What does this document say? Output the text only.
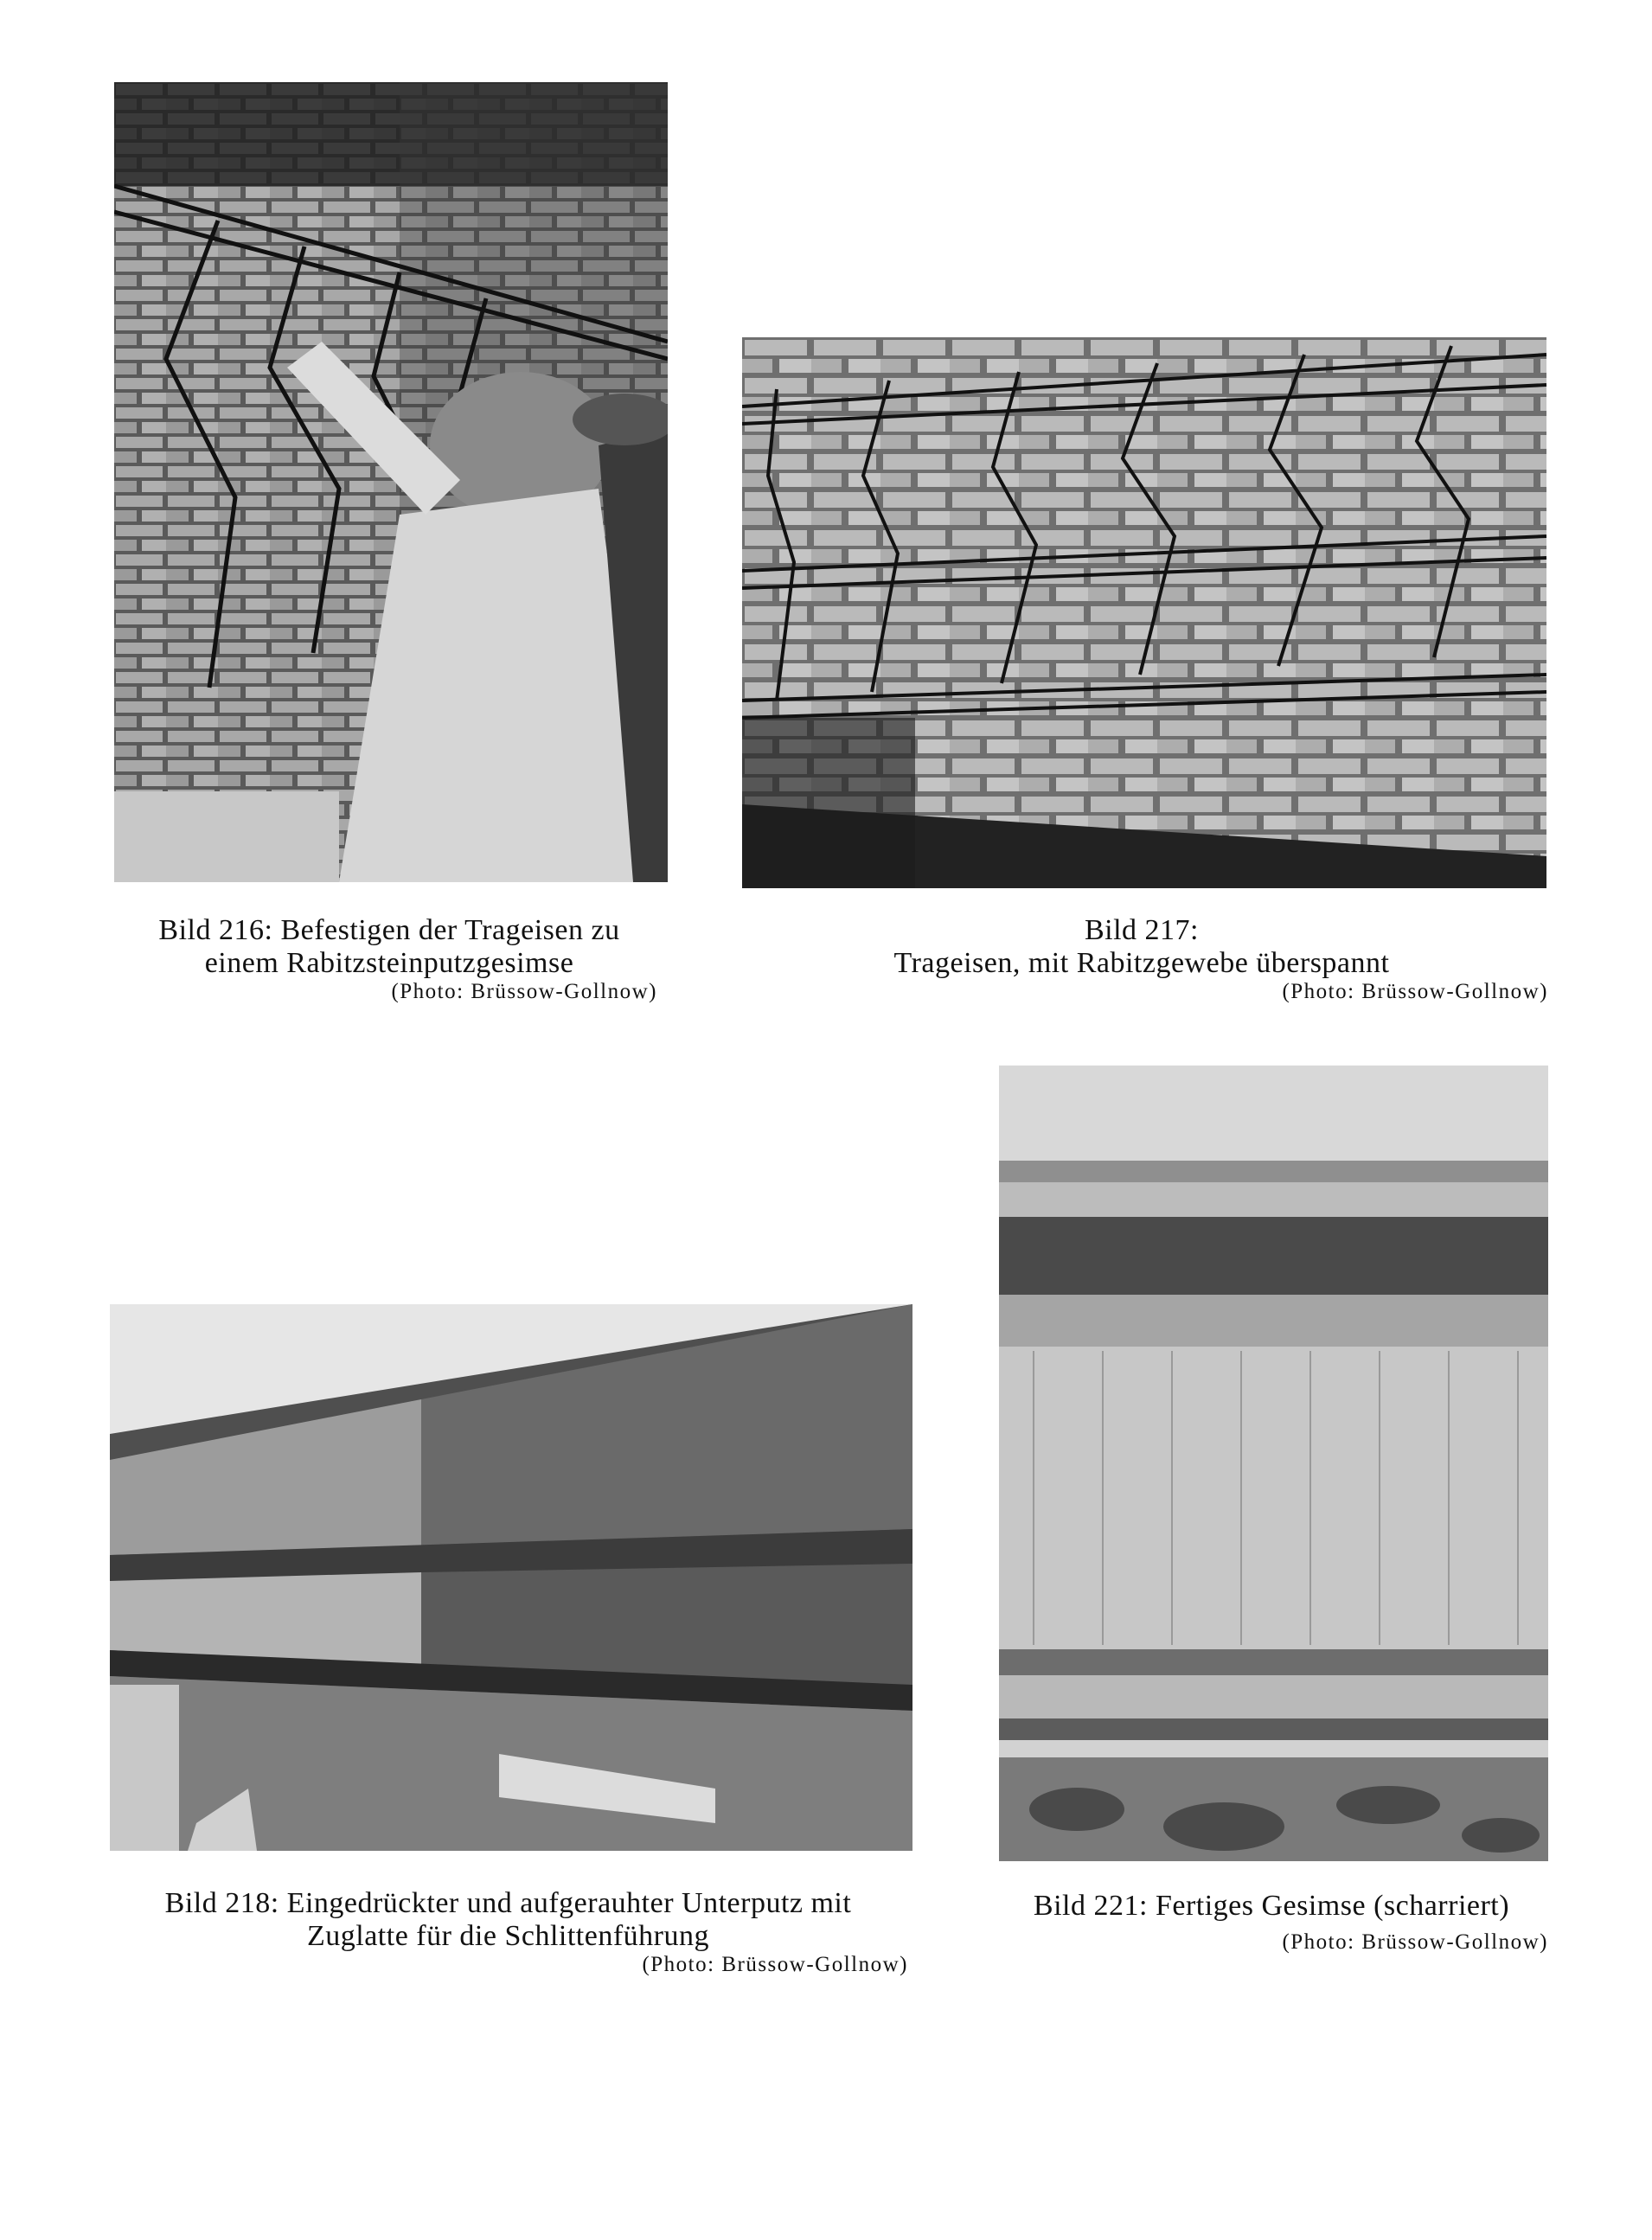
Bild 216: Befestigen der Trageisen zu
einem Rabitzsteinputzgesimse
(Photo: Brüssow-Gollnow)
Bild 217:
Trageisen, mit Rabitzgewebe überspannt
(Photo: Brüssow-Gollnow)
Bild 218: Eingedrückter und aufgerauhter Unterputz mit
Zuglatte für die Schlittenführung
(Photo: Brüssow-Gollnow)
Bild 221: Fertiges Gesimse (scharriert)
(Photo: Brüssow-Gollnow)
